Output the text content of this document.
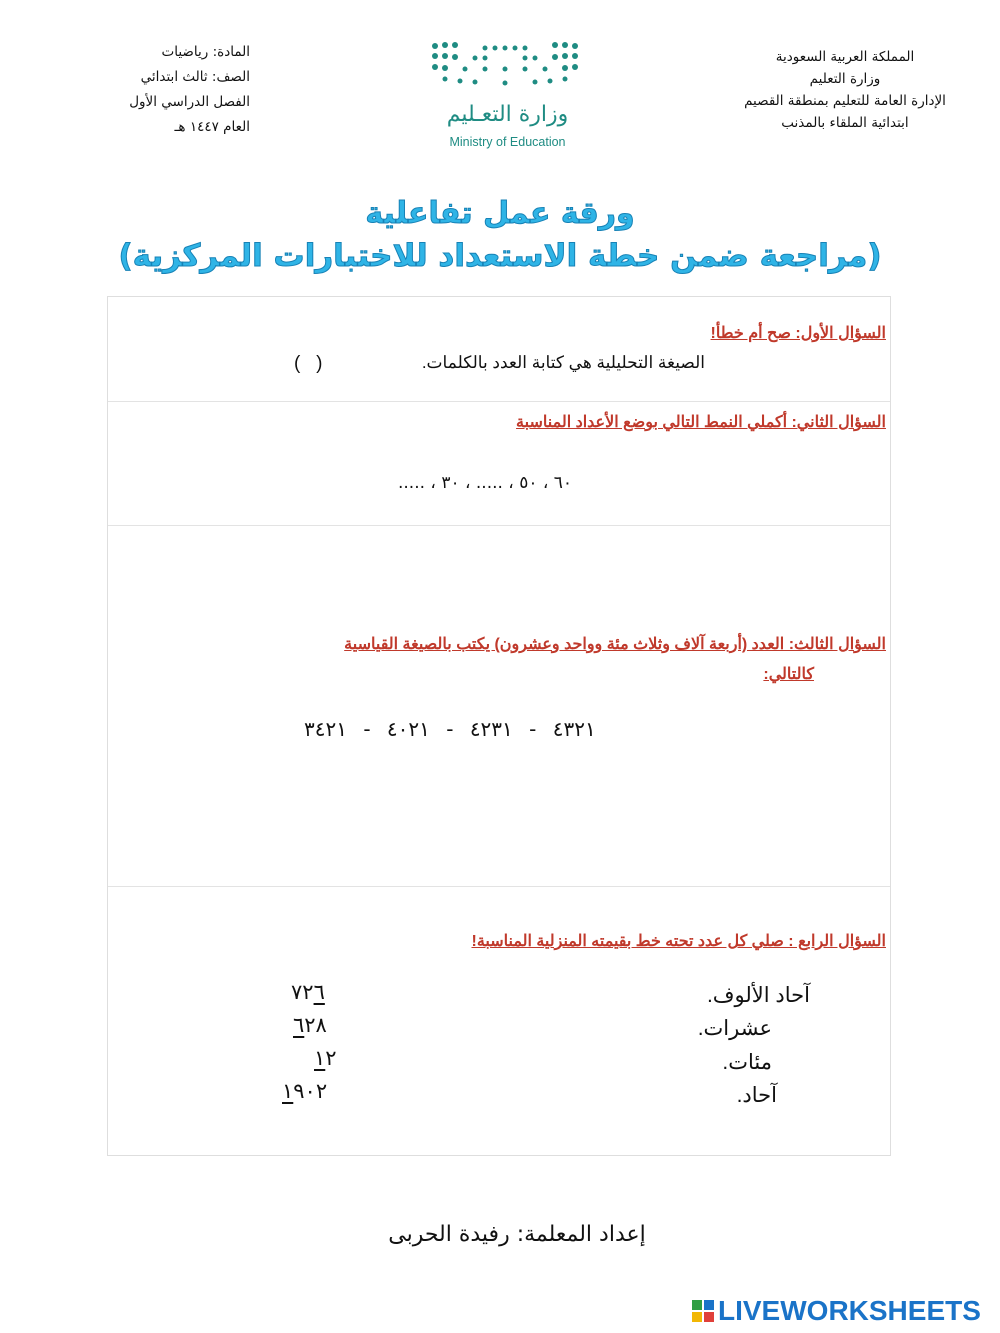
المملكة العربية السعودية
وزارة التعليم
الإدارة العامة للتعليم بمنطقة القصيم
ابتدائية الملقاء بالمذنب
وزارة التعـليم
Ministry of Education
المادة: رياضيات
الصف: ثالث ابتدائي
الفصل الدراسي الأول
العام ١٤٤٧ هـ
ورقة عمل تفاعلية
(مراجعة ضمن خطة الاستعداد للاختبارات المركزية)
السؤال الأول: صح أم خطأ!
الصيغة التحليلية هي كتابة العدد بالكلمات.
(   )
السؤال الثاني: أكملي النمط التالي بوضع الأعداد المناسبة
٦٠ ، ٥٠ ، ..... ، ٣٠ ، .....
السؤال الثالث: العدد (أربعة آلاف وثلاث مئة وواحد وعشرون) يكتب بالصيغة القياسية
كالتالي:
٤٣٢١ - ٤٢٣١ - ٤٠٢١ - ٣٤٢١
السؤال الرابع : صلي كل عدد تحته خط بقيمته المنزلية المناسبة!
آحاد الألوف.
عشرات.
مئات.
آحاد.
٧٢٦
٦٢٨
١٢
١٩٠٢
إعداد المعلمة: رفيدة الحربى
LIVEWORKSHEETS
